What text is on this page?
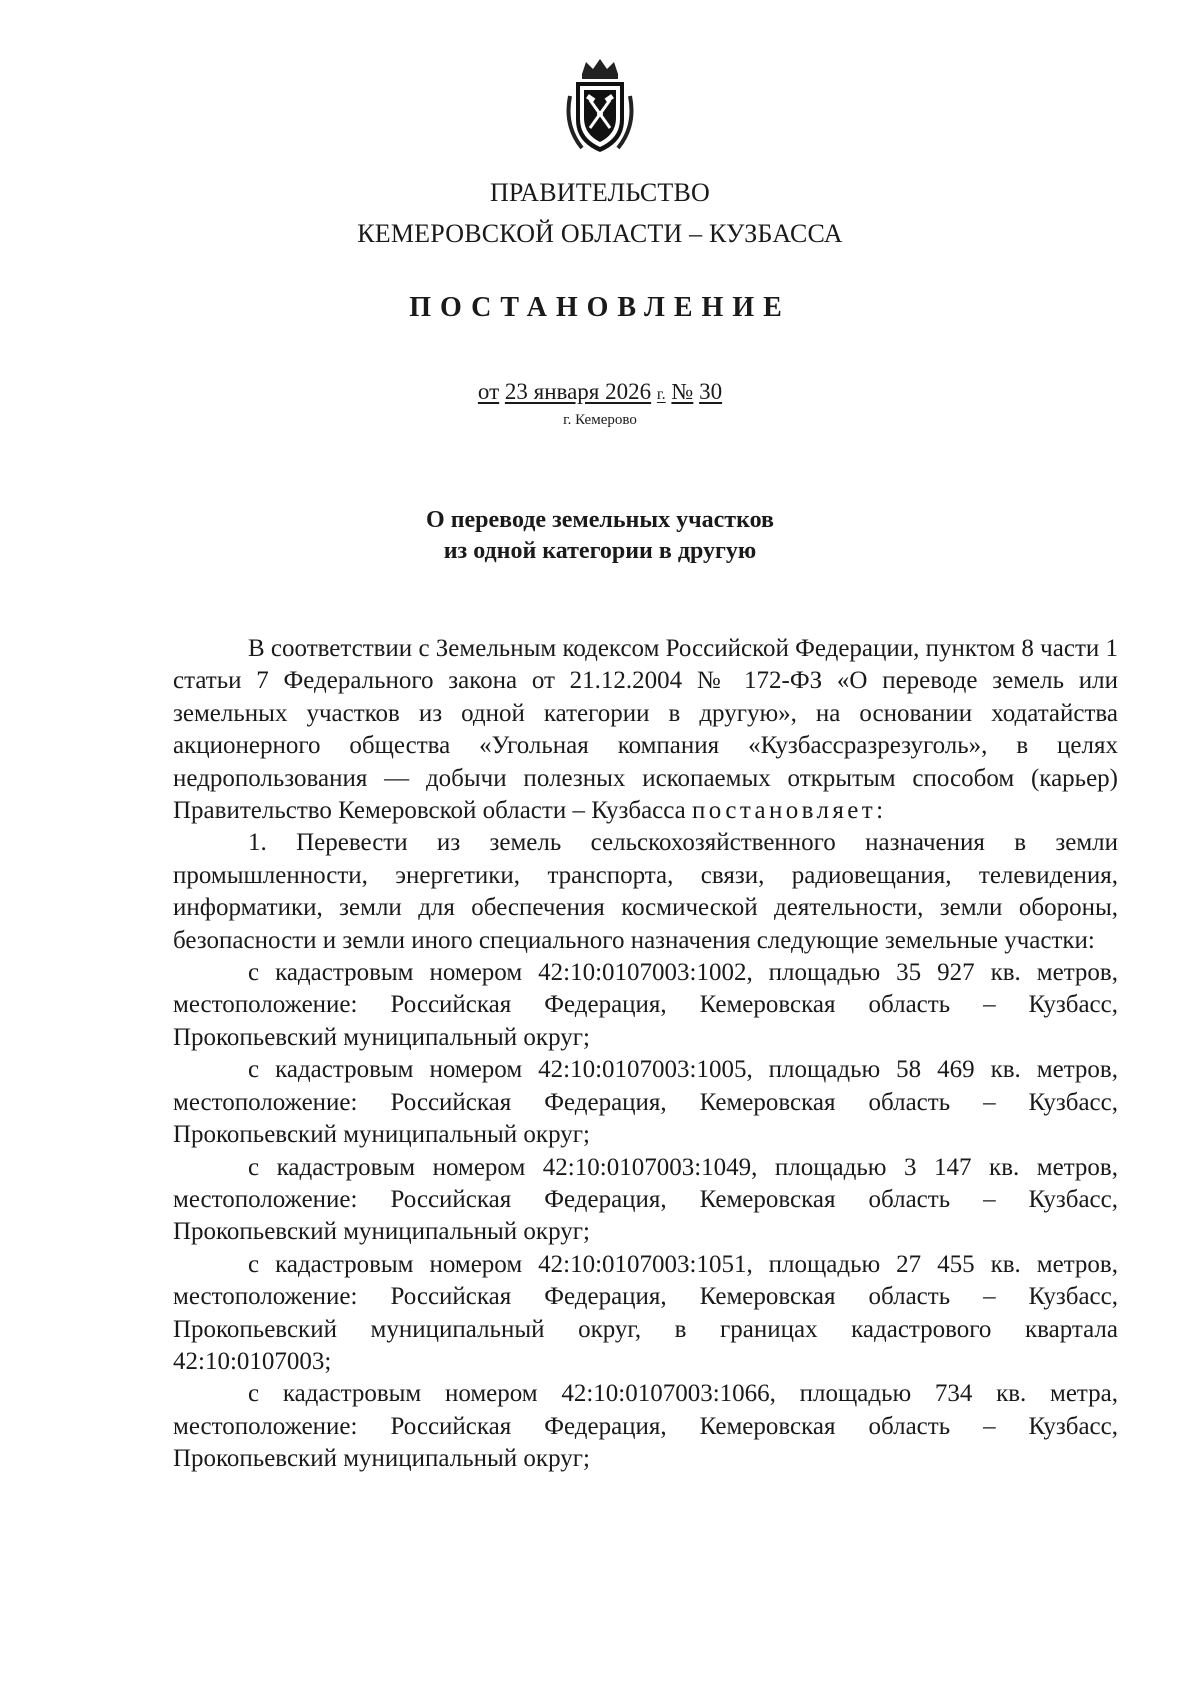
ПРАВИТЕЛЬСТВО
КЕМЕРОВСКОЙ ОБЛАСТИ – КУЗБАССА
ПОСТАНОВЛЕНИЕ
от 23 января 2026 г. № 30
г. Кемерово
О переводе земельных участков
из одной категории в другую

В соответствии с Земельным кодексом Российской Федерации, пунктом 8 части 1 статьи 7 Федерального закона от 21.12.2004 № 172-ФЗ «О переводе земель или земельных участков из одной категории в другую», на основании ходатайства акционерного общества «Угольная компания «Кузбассразрезуголь», в целях недропользования — добычи полезных ископаемых открытым способом (карьер) Правительство Кемеровской области – Кузбасса постановляет:

1. Перевести из земель сельскохозяйственного назначения в земли промышленности, энергетики, транспорта, связи, радиовещания, телевидения, информатики, земли для обеспечения космической деятельности, земли обороны, безопасности и земли иного специального назначения следующие земельные участки:

с кадастровым номером 42:10:0107003:1002, площадью 35 927 кв. метров, местоположение: Российская Федерация, Кемеровская область – Кузбасс, Прокопьевский муниципальный округ;

с кадастровым номером 42:10:0107003:1005, площадью 58 469 кв. метров, местоположение: Российская Федерация, Кемеровская область – Кузбасс, Прокопьевский муниципальный округ;

с кадастровым номером 42:10:0107003:1049, площадью 3 147 кв. метров, местоположение: Российская Федерация, Кемеровская область – Кузбасс, Прокопьевский муниципальный округ;

с кадастровым номером 42:10:0107003:1051, площадью 27 455 кв. метров, местоположение: Российская Федерация, Кемеровская область – Кузбасс, Прокопьевский муниципальный округ, в границах кадастрового квартала 42:10:0107003;

с кадастровым номером 42:10:0107003:1066, площадью 734 кв. метра, местоположение: Российская Федерация, Кемеровская область – Кузбасс, Прокопьевский муниципальный округ;
